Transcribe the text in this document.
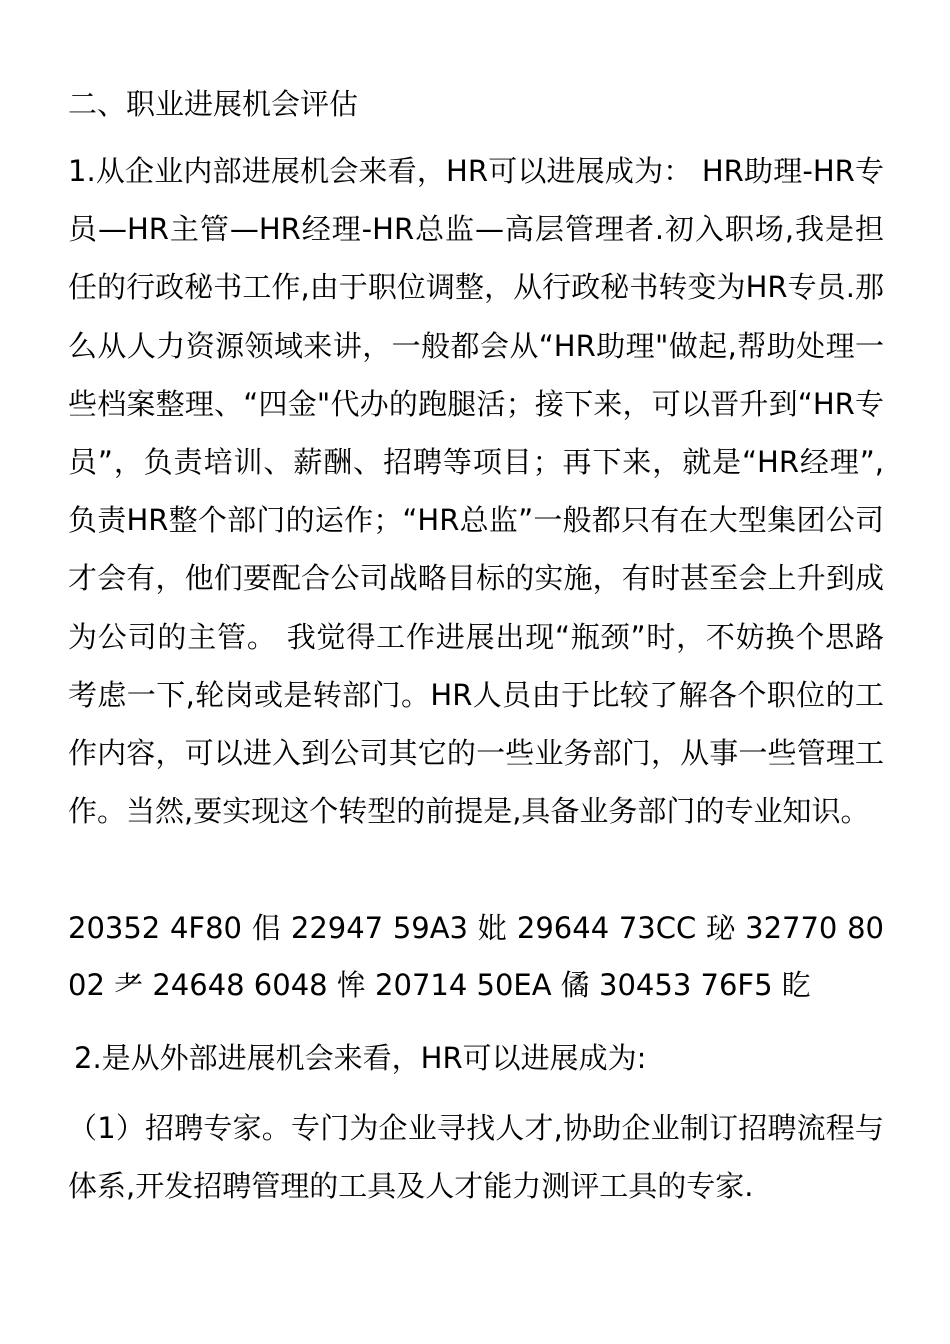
二、职业进展机会评估
1.从企业内部进展机会来看，HR可以进展成为： HR助理-HR专员—HR主管—HR经理-HR总监—高层管理者.初入职场,我是担任的行政秘书工作,由于职位调整，从行政秘书转变为HR专员.那么从人力资源领域来讲，一般都会从“HR助理"做起,帮助处理一些档案整理、“四金"代办的跑腿活；接下来，可以晋升到“HR专员”，负责培训、薪酬、招聘等项目；再下来，就是“HR经理”,负责HR整个部门的运作；“HR总监”一般都只有在大型集团公司才会有，他们要配合公司战略目标的实施，有时甚至会上升到成为公司的主管。 我觉得工作进展出现“瓶颈”时，不妨换个思路考虑一下,轮岗或是转部门。HR人员由于比较了解各个职位的工作内容，可以进入到公司其它的一些业务部门，从事一些管理工作。当然,要实现这个转型的前提是,具备业务部门的专业知识。
20352 4F80 佀 22947 59A3 妣 29644 73CC 珌 32770 8002 耂 24648 6048 恈 20714 50EA 僪 30453 76F5 盵
2.是从外部进展机会来看，HR可以进展成为:
（1）招聘专家。专门为企业寻找人才,协助企业制订招聘流程与体系,开发招聘管理的工具及人才能力测评工具的专家.
